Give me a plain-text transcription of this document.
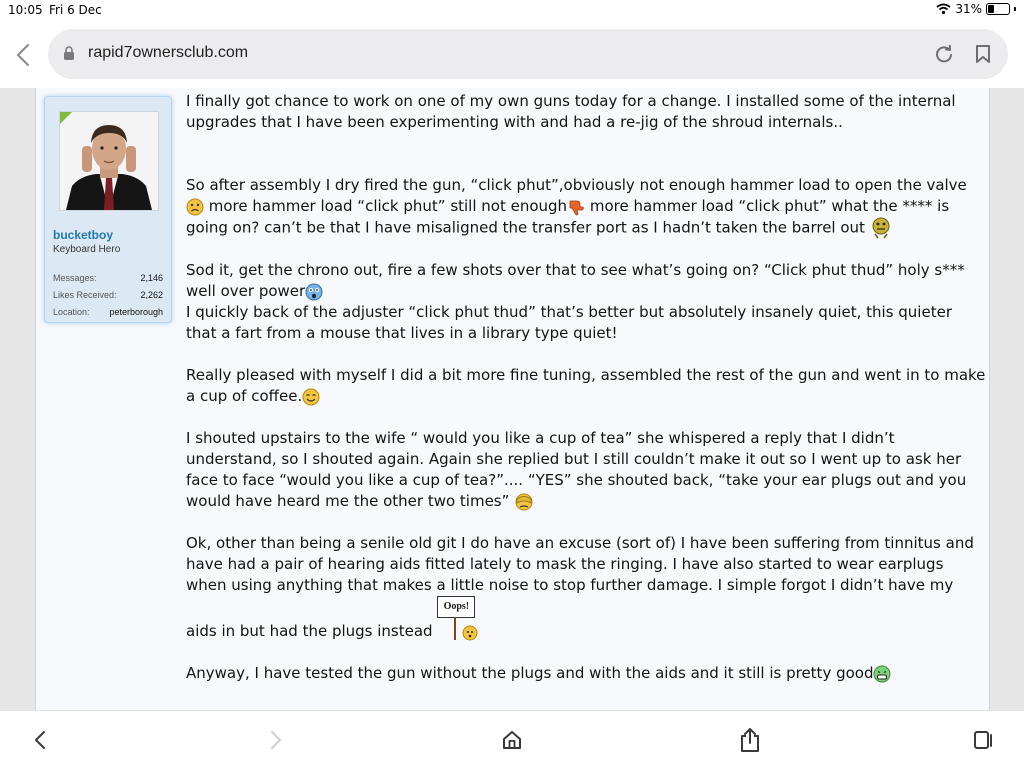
10:05 Fri 6 Dec	31%
rapid7ownersclub.com
bucketboy
Keyboard Hero
Messages:	2,146
Likes Received:	2,262
Location: peterborough

I finally got chance to work on one of my own guns today for a change. I installed some of the internal upgrades that I have been experimenting with and had a re-jig of the shroud internals..

So after assembly I dry fired the gun, “click phut”,obviously not enough hammer load to open the valve  more hammer load “click phut” still not enough more hammer load “click phut” what the **** is going on? can’t be that I have misaligned the transfer port as I hadn’t taken the barrel out

Sod it, get the chrono out, fire a few shots over that to see what’s going on? “Click phut thud” holy s*** well over power
I quickly back of the adjuster “click phut thud” that’s better but absolutely insanely quiet, this quieter that a fart from a mouse that lives in a library type quiet!

Really pleased with myself I did a bit more fine tuning, assembled the rest of the gun and went in to make a cup of coffee.

I shouted upstairs to the wife “ would you like a cup of tea” she whispered a reply that I didn’t understand, so I shouted again. Again she replied but I still couldn’t make it out so I went up to ask her face to face “would you like a cup of tea?”.... “YES” she shouted back, “take your ear plugs out and you would have heard me the other two times”

Ok, other than being a senile old git I do have an excuse (sort of) I have been suffering from tinnitus and have had a pair of hearing aids fitted lately to mask the ringing. I have also started to wear earplugs when using anything that makes a little noise to stop further damage. I simple forgot I didn’t have my aids in but had the plugs instead
Oops!

Anyway, I have tested the gun without the plugs and with the aids and it still is pretty good
